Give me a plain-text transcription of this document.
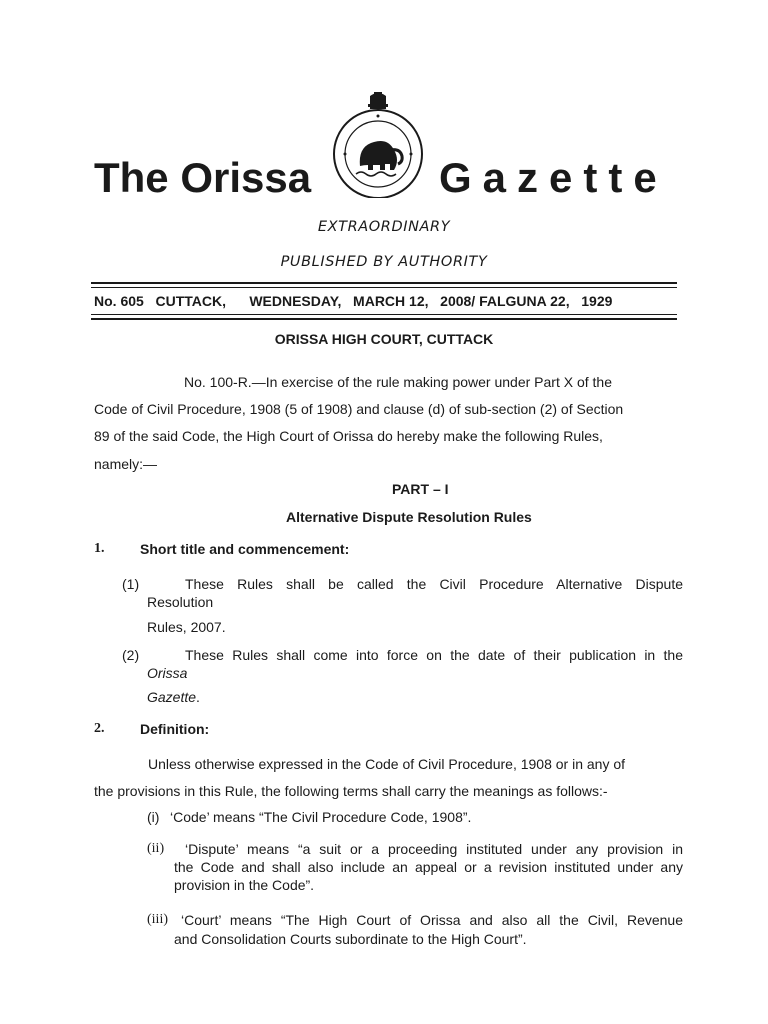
The Orissa	Gazette
EXTRAORDINARY
PUBLISHED BY AUTHORITY
No. 605   CUTTACK,      WEDNESDAY,   MARCH 12,   2008/ FALGUNA 22,   1929
ORISSA HIGH COURT, CUTTACK
No. 100-R.—In exercise of the rule making power under Part X of the
Code of Civil Procedure, 1908 (5 of 1908) and clause (d) of sub-section (2) of Section
89 of the said Code, the High Court of Orissa do hereby make the following Rules,
namely:—
PART – I
Alternative Dispute Resolution Rules
1.	Short title and commencement:
(1)	These Rules shall be called the Civil Procedure Alternative Dispute
Resolution
Rules, 2007.
(2)	These Rules shall come into force on the date of their publication in the
Orissa
Gazette.
2.	Definition:
Unless otherwise expressed in the Code of Civil Procedure, 1908 or in any of
the provisions in this Rule, the following terms shall carry the meanings as follows:-
(i) ‘Code’ means “The Civil Procedure Code, 1908”.
(ii) ‘Dispute’ means “a suit or a proceeding instituted under any provision in
the Code and shall also include an appeal or a revision instituted under any
provision in the Code”.
(iii) ‘Court’ means “The High Court of Orissa and also all the Civil, Revenue
and Consolidation Courts subordinate to the High Court”.
